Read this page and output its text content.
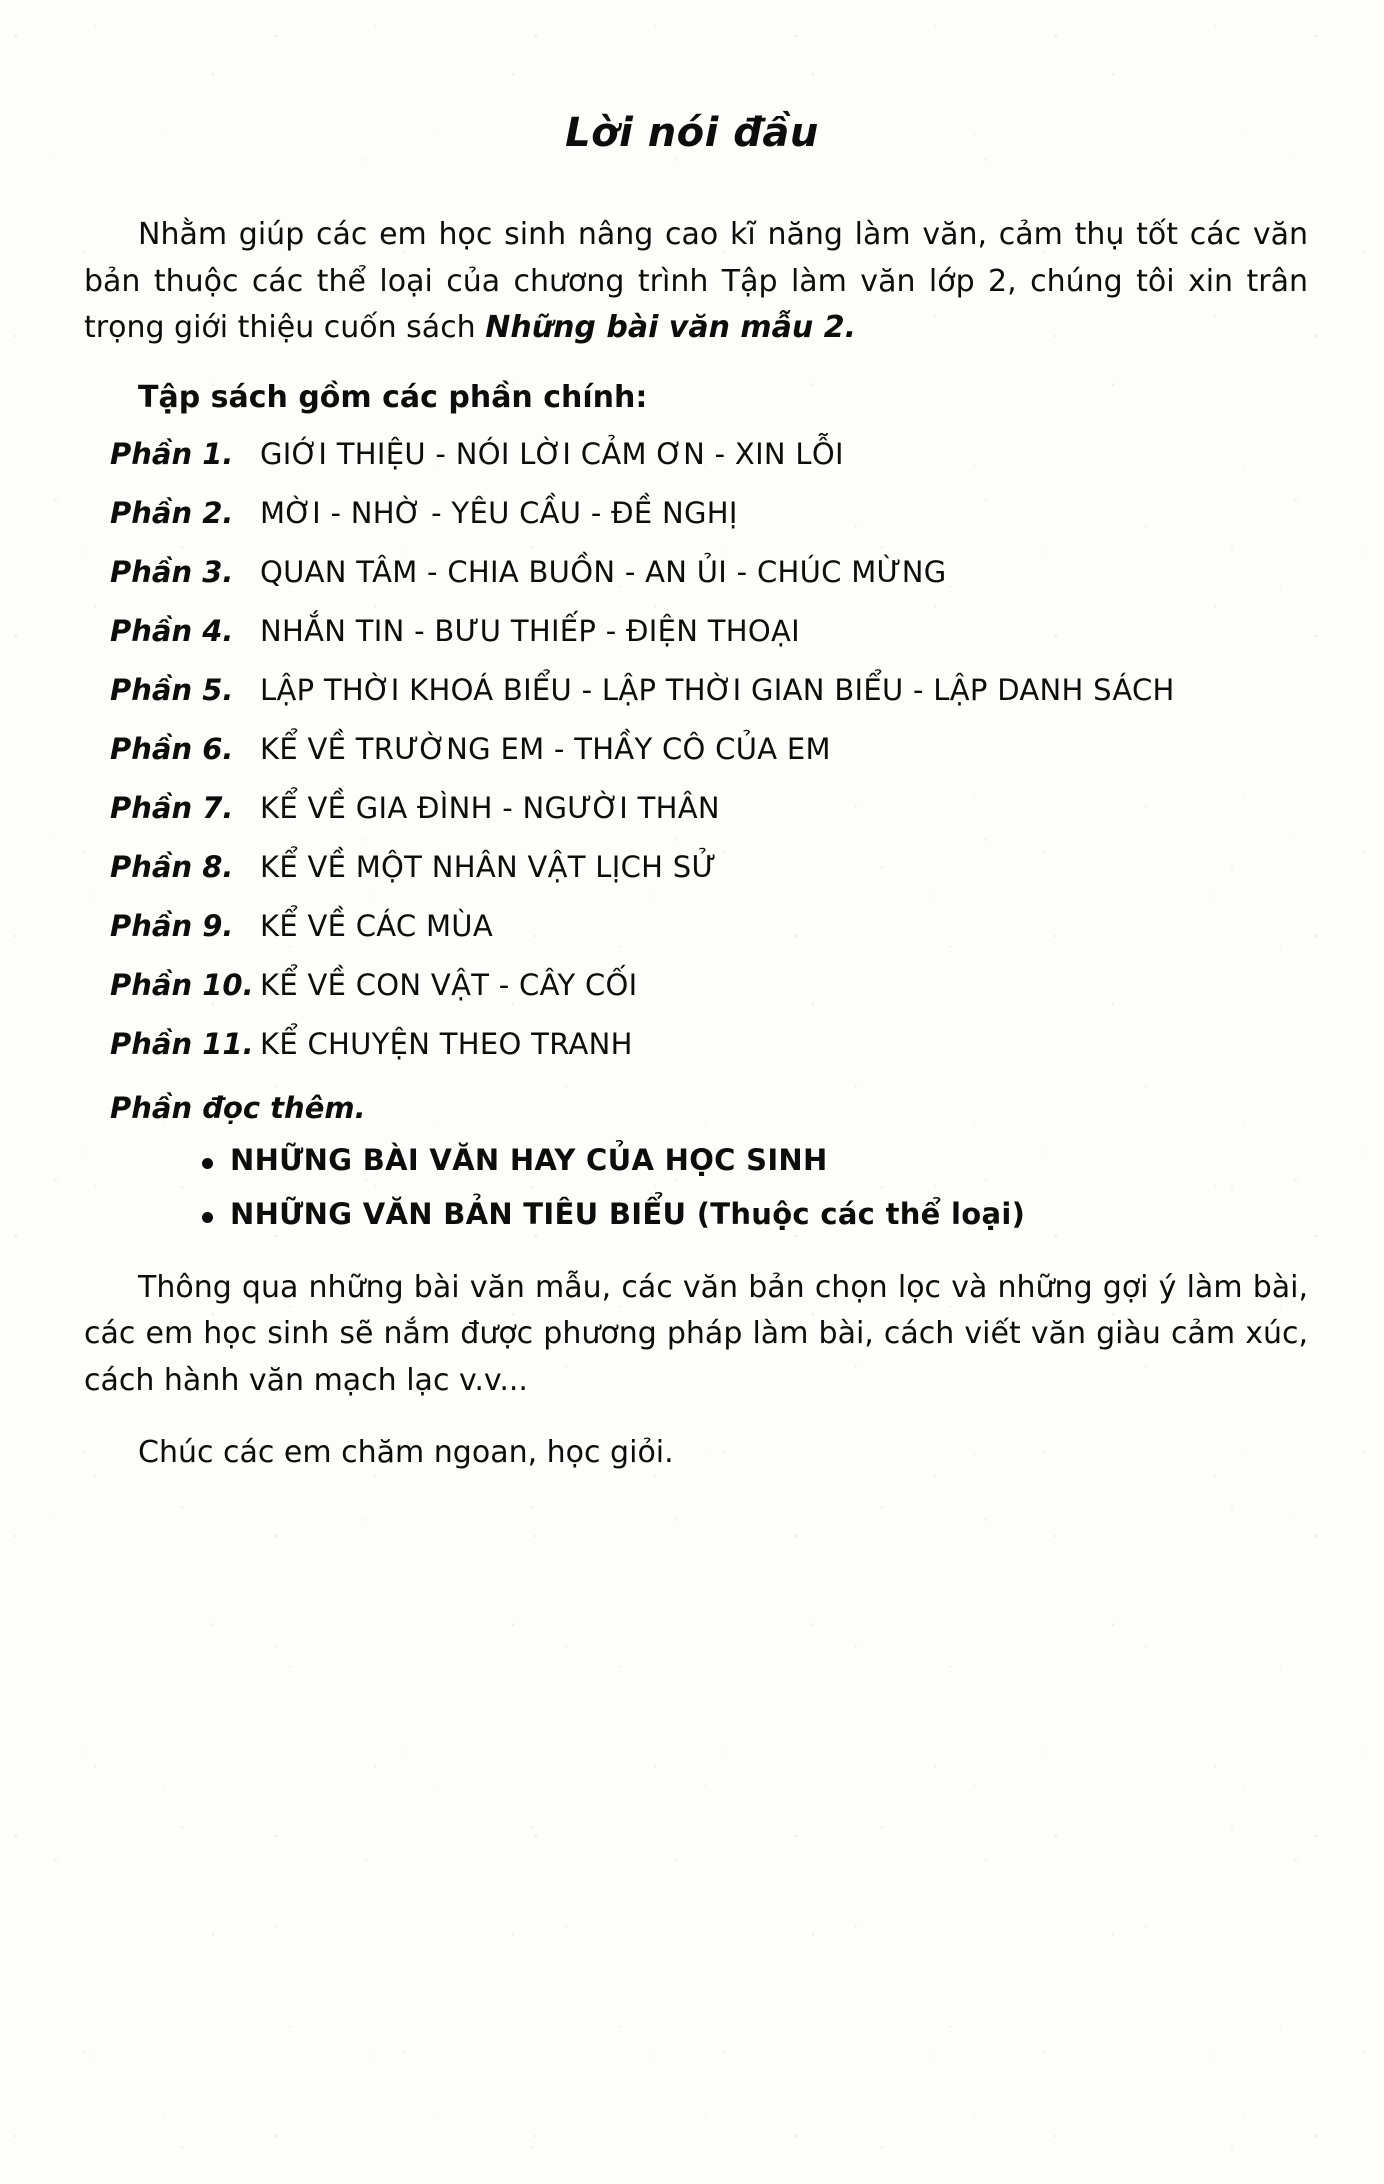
Lời nói đầu

Nhằm giúp các em học sinh nâng cao kĩ năng làm văn, cảm thụ tốt các văn bản thuộc các thể loại của chương trình Tập làm văn lớp 2, chúng tôi xin trân trọng giới thiệu cuốn sách Những bài văn mẫu 2.

Tập sách gồm các phần chính:
Phần 1. GIỚI THIỆU - NÓI LỜI CẢM ƠN - XIN LỖI
Phần 2. MỜI - NHỜ - YÊU CẦU - ĐỀ NGHỊ
Phần 3. QUAN TÂM - CHIA BUỒN - AN ỦI - CHÚC MỪNG
Phần 4. NHẮN TIN - BƯU THIẾP - ĐIỆN THOẠI
Phần 5. LẬP THỜI KHOÁ BIỂU - LẬP THỜI GIAN BIỂU - LẬP DANH SÁCH
Phần 6. KỂ VỀ TRƯỜNG EM - THẦY CÔ CỦA EM
Phần 7. KỂ VỀ GIA ĐÌNH - NGƯỜI THÂN
Phần 8. KỂ VỀ MỘT NHÂN VẬT LỊCH SỬ
Phần 9. KỂ VỀ CÁC MÙA
Phần 10. KỂ VỀ CON VẬT - CÂY CỐI
Phần 11. KỂ CHUYỆN THEO TRANH
Phần đọc thêm.
NHỮNG BÀI VĂN HAY CỦA HỌC SINH
NHỮNG VĂN BẢN TIÊU BIỂU (Thuộc các thể loại)

Thông qua những bài văn mẫu, các văn bản chọn lọc và những gợi ý làm bài, các em học sinh sẽ nắm được phương pháp làm bài, cách viết văn giàu cảm xúc, cách hành văn mạch lạc v.v...

Chúc các em chăm ngoan, học giỏi.
